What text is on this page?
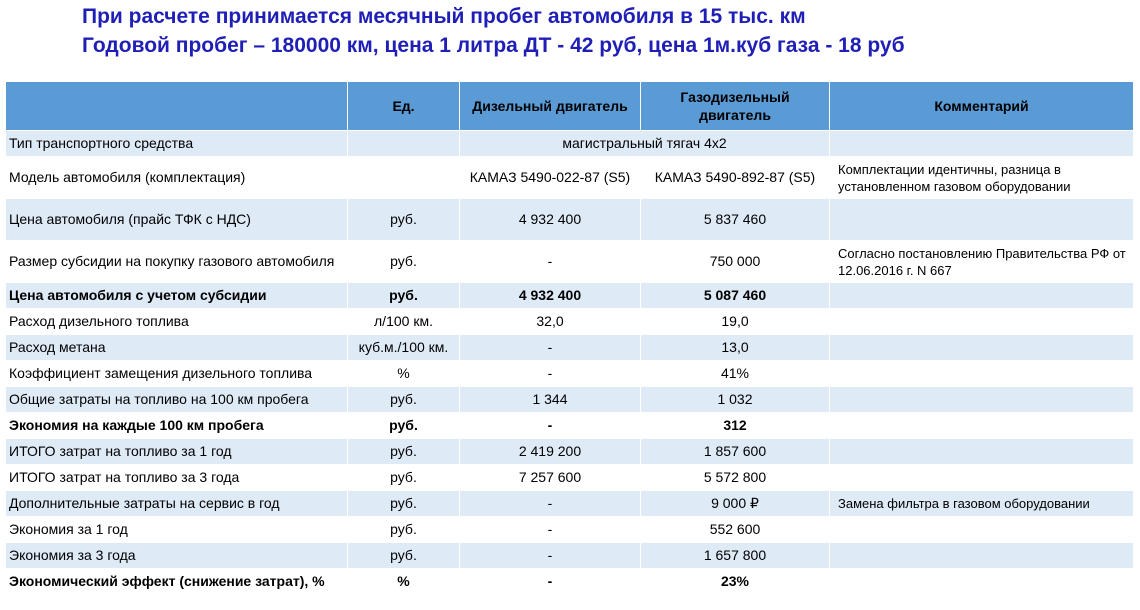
При расчете принимается месячный пробег автомобиля в 15 тыс. км
Годовой пробег – 180000 км, цена 1 литра ДТ - 42 руб, цена 1м.куб газа - 18 руб
	Ед.	Дизельный двигатель	Газодизельный двигатель	Комментарий
Тип транспортного средства		магистральный тягач 4х2		
Модель автомобиля (комплектация)		КАМАЗ 5490-022-87 (S5)	КАМАЗ 5490-892-87 (S5)	Комплектации идентичны, разница в установленном газовом оборудовании
Цена автомобиля (прайс ТФК с НДС)	руб.	4 932 400	5 837 460	
Размер субсидии на покупку газового автомобиля	руб.	-	750 000	Согласно постановлению Правительства РФ от 12.06.2016 г. N 667
Цена автомобиля с учетом субсидии	руб.	4 932 400	5 087 460	
Расход дизельного топлива	л/100 км.	32,0	19,0	
Расход метана	куб.м./100 км.	-	13,0	
Коэффициент замещения дизельного топлива	%	-	41%	
Общие затраты на топливо на 100 км пробега	руб.	1 344	1 032	
Экономия на каждые 100 км пробега	руб.	-	312	
ИТОГО затрат на топливо за 1 год	руб.	2 419 200	1 857 600	
ИТОГО затрат на топливо за 3 года	руб.	7 257 600	5 572 800	
Дополнительные затраты на сервис в год	руб.	-	9 000 ₽	Замена фильтра в газовом оборудовании
Экономия за 1 год	руб.	-	552 600	
Экономия за 3 года	руб.	-	1 657 800	
Экономический эффект (снижение затрат), %	%	-	23%	
